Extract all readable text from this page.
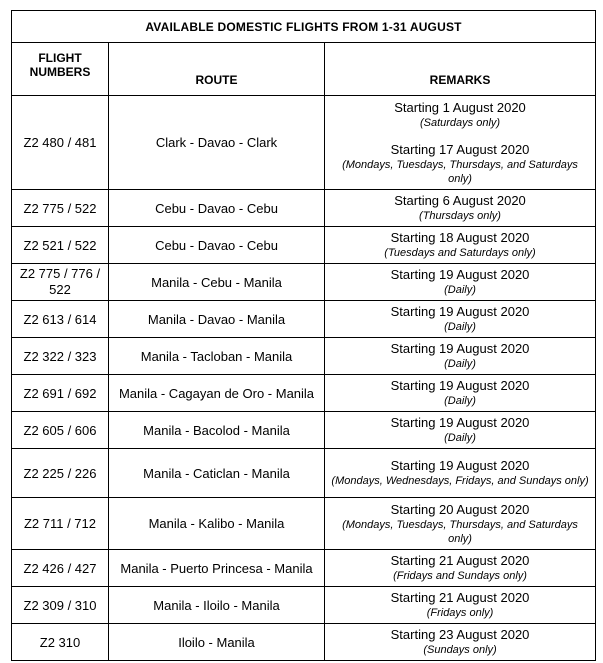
AVAILABLE DOMESTIC FLIGHTS FROM 1-31 AUGUST		
FLIGHT NUMBERS	ROUTE	REMARKS
Z2 480 / 481	Clark - Davao - Clark	Starting 1 August 2020
(Saturdays only)
Starting 17 August 2020
(Mondays, Tuesdays, Thursdays, and Saturdays only)

Z2 775 / 522	Cebu - Davao - Cebu	Starting 6 August 2020
(Thursdays only)

Z2 521 / 522	Cebu - Davao - Cebu	Starting 18 August 2020
(Tuesdays and Saturdays only)

Z2 775 / 776 / 522	Manila - Cebu - Manila	Starting 19 August 2020
(Daily)

Z2 613 / 614	Manila - Davao - Manila	Starting 19 August 2020
(Daily)

Z2 322 / 323	Manila - Tacloban - Manila	Starting 19 August 2020
(Daily)

Z2 691 / 692	Manila - Cagayan de Oro - Manila	Starting 19 August 2020
(Daily)

Z2 605 / 606	Manila - Bacolod - Manila	Starting 19 August 2020
(Daily)

Z2 225 / 226	Manila - Caticlan - Manila	Starting 19 August 2020
(Mondays, Wednesdays, Fridays, and Sundays only)

Z2 711 / 712	Manila - Kalibo - Manila	Starting 20 August 2020
(Mondays, Tuesdays, Thursdays, and Saturdays only)

Z2 426 / 427	Manila - Puerto Princesa - Manila	Starting 21 August 2020
(Fridays and Sundays only)

Z2 309 / 310	Manila - Iloilo - Manila	Starting 21 August 2020
(Fridays only)

Z2 310	Iloilo - Manila	Starting 23 August 2020
(Sundays only)
